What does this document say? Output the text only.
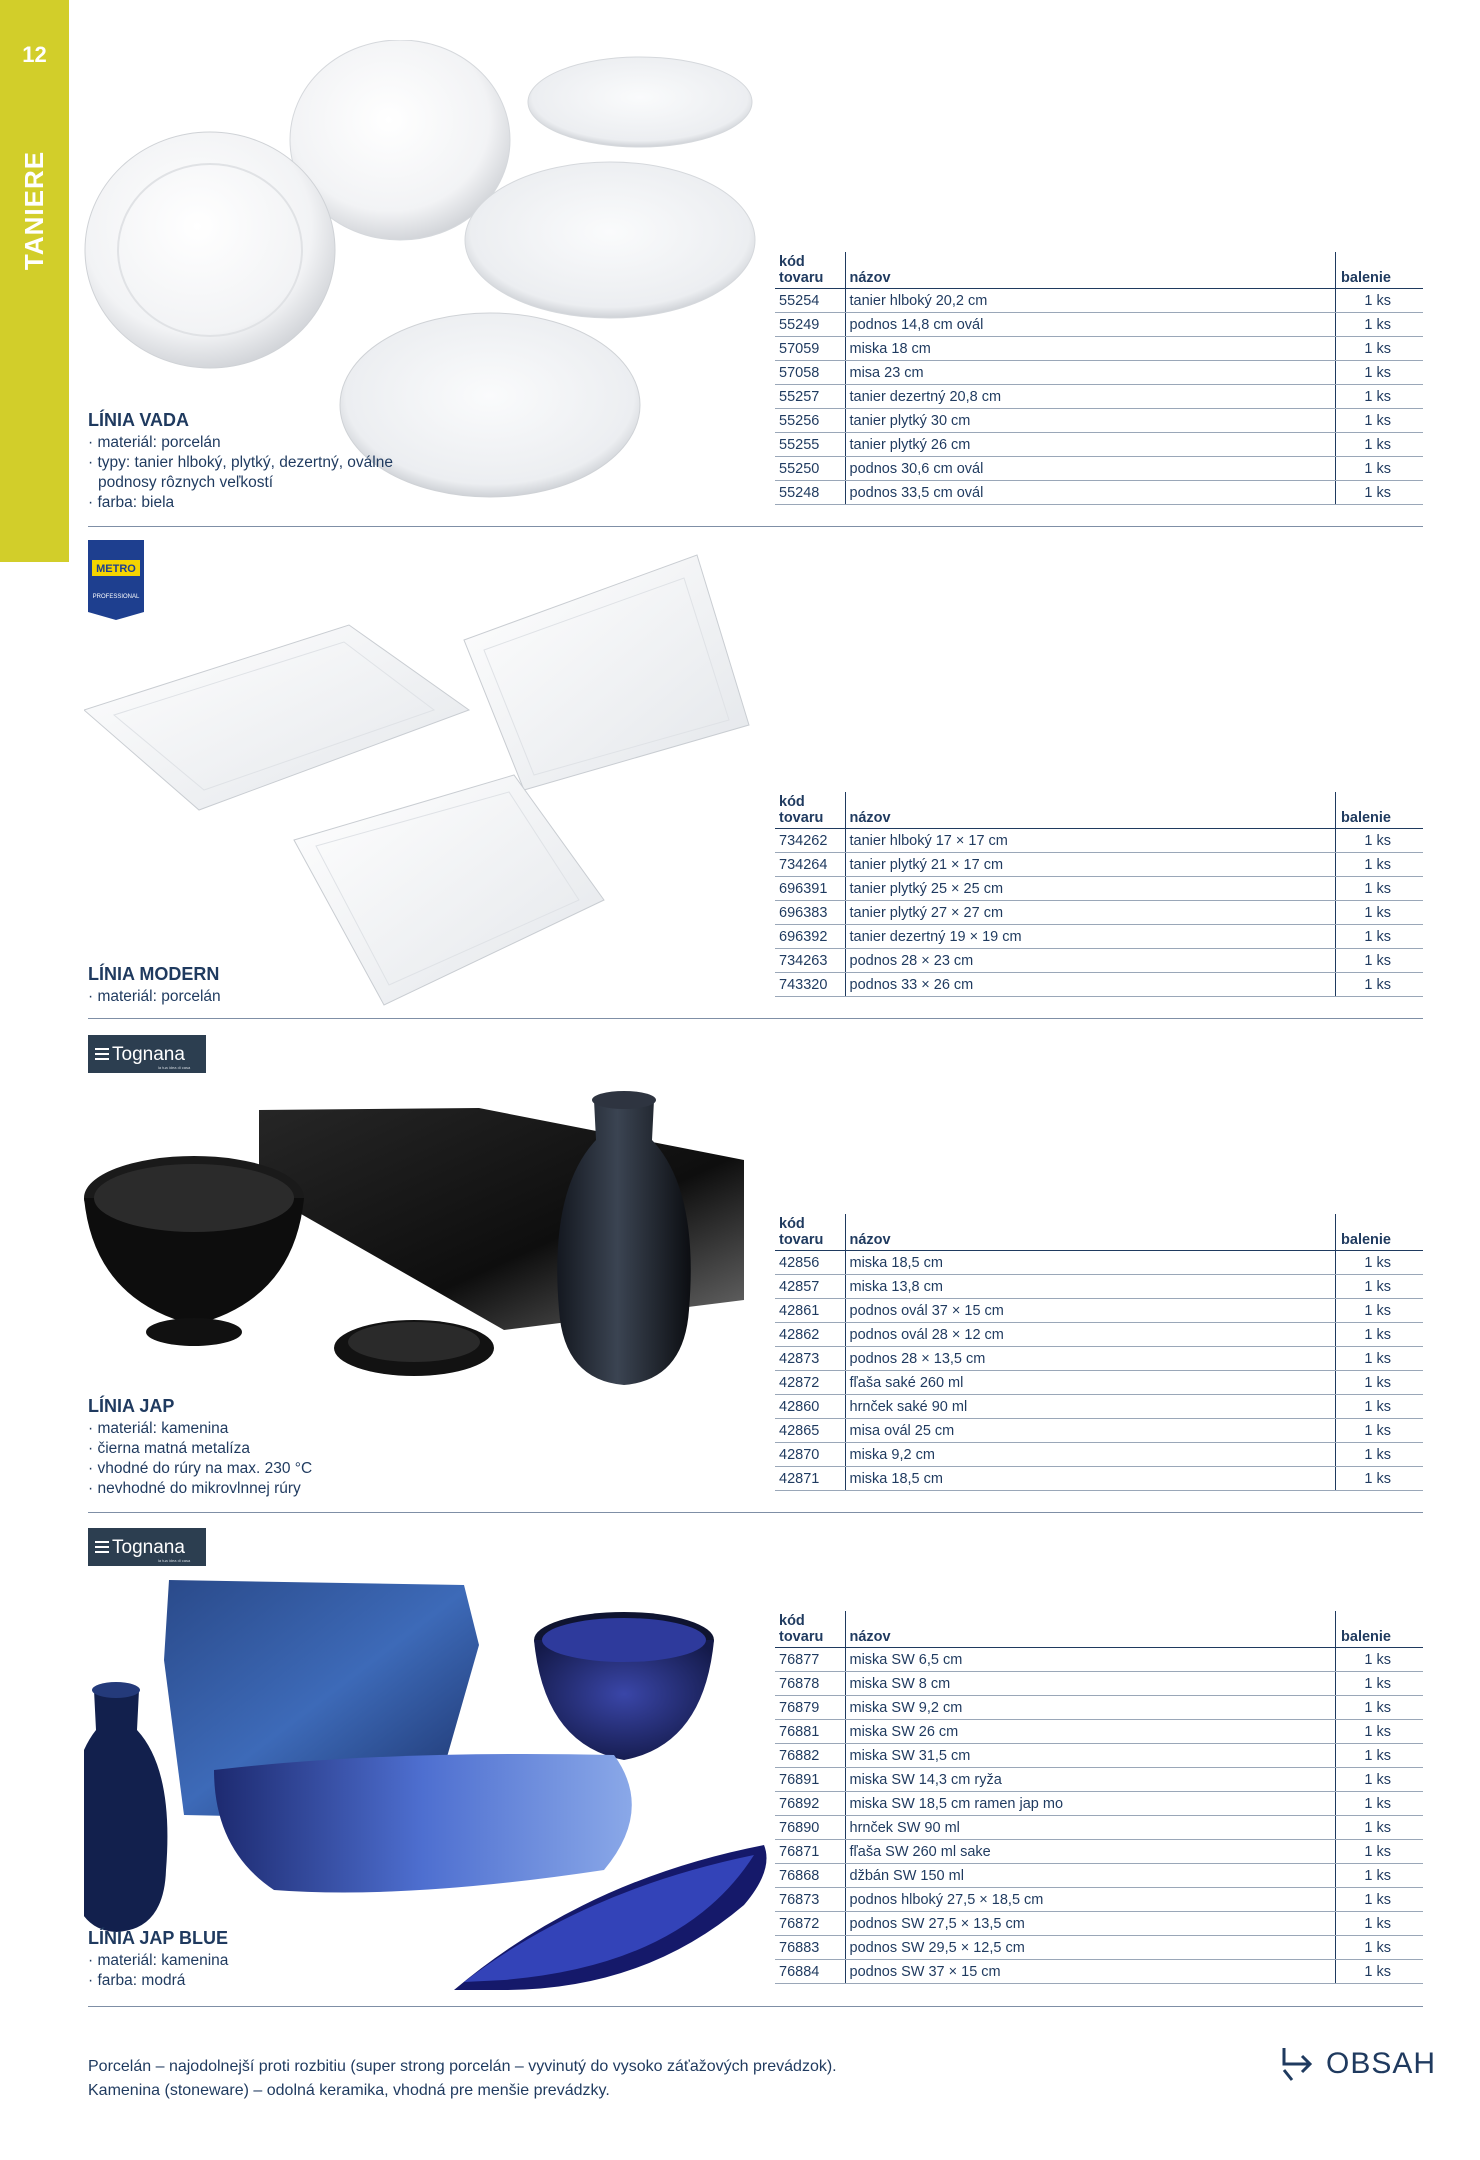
12
TANIERE
LÍNIA VADA
· materiál: porcelán
· typy: tanier hlboký, plytký, dezertný, oválne podnosy rôznych veľkostí
· farba: biela
kód
tovaru	názov	balenie
55254	tanier hlboký 20,2 cm	1 ks
55249	podnos 14,8 cm ovál	1 ks
57059	miska 18 cm	1 ks
57058	misa 23 cm	1 ks
55257	tanier dezertný 20,8 cm	1 ks
55256	tanier plytký 30 cm	1 ks
55255	tanier plytký 26 cm	1 ks
55250	podnos 30,6 cm ovál	1 ks
55248	podnos 33,5 cm ovál	1 ks
METRO
PROFESSIONAL
LÍNIA MODERN
· materiál: porcelán
kód
tovaru	názov	balenie
734262	tanier hlboký 17 × 17 cm	1 ks
734264	tanier plytký 21 × 17 cm	1 ks
696391	tanier plytký 25 × 25 cm	1 ks
696383	tanier plytký 27 × 27 cm	1 ks
696392	tanier dezertný 19 × 19 cm	1 ks
734263	podnos 28 × 23 cm	1 ks
743320	podnos 33 × 26 cm	1 ks
Tognana
la tua idea di casa
LÍNIA JAP
· materiál: kamenina
· čierna matná metalíza
· vhodné do rúry na max. 230 °C
· nevhodné do mikrovlnnej rúry
kód
tovaru	názov	balenie
42856	miska 18,5 cm	1 ks
42857	miska 13,8 cm	1 ks
42861	podnos ovál 37 × 15 cm	1 ks
42862	podnos ovál 28 × 12 cm	1 ks
42873	podnos 28 × 13,5 cm	1 ks
42872	fľaša saké 260 ml	1 ks
42860	hrnček saké 90 ml	1 ks
42865	misa ovál 25 cm	1 ks
42870	miska 9,2 cm	1 ks
42871	miska 18,5 cm	1 ks
Tognana
la tua idea di casa
LÍNIA JAP BLUE
· materiál: kamenina
· farba: modrá
kód
tovaru	názov	balenie
76877	miska SW 6,5 cm	1 ks
76878	miska SW 8 cm	1 ks
76879	miska SW 9,2 cm	1 ks
76881	miska SW 26 cm	1 ks
76882	miska SW 31,5 cm	1 ks
76891	miska SW 14,3 cm ryža	1 ks
76892	miska SW 18,5 cm ramen jap mo	1 ks
76890	hrnček SW 90 ml	1 ks
76871	fľaša SW 260 ml sake	1 ks
76868	džbán SW 150 ml	1 ks
76873	podnos hlboký 27,5 × 18,5 cm	1 ks
76872	podnos SW 27,5 × 13,5 cm	1 ks
76883	podnos SW 29,5 × 12,5 cm	1 ks
76884	podnos SW 37 × 15 cm	1 ks
Porcelán – najodolnejší proti rozbitiu (super strong porcelán – vyvinutý do vysoko záťažových prevádzok).
Kamenina (stoneware) – odolná keramika, vhodná pre menšie prevádzky.
OBSAH
